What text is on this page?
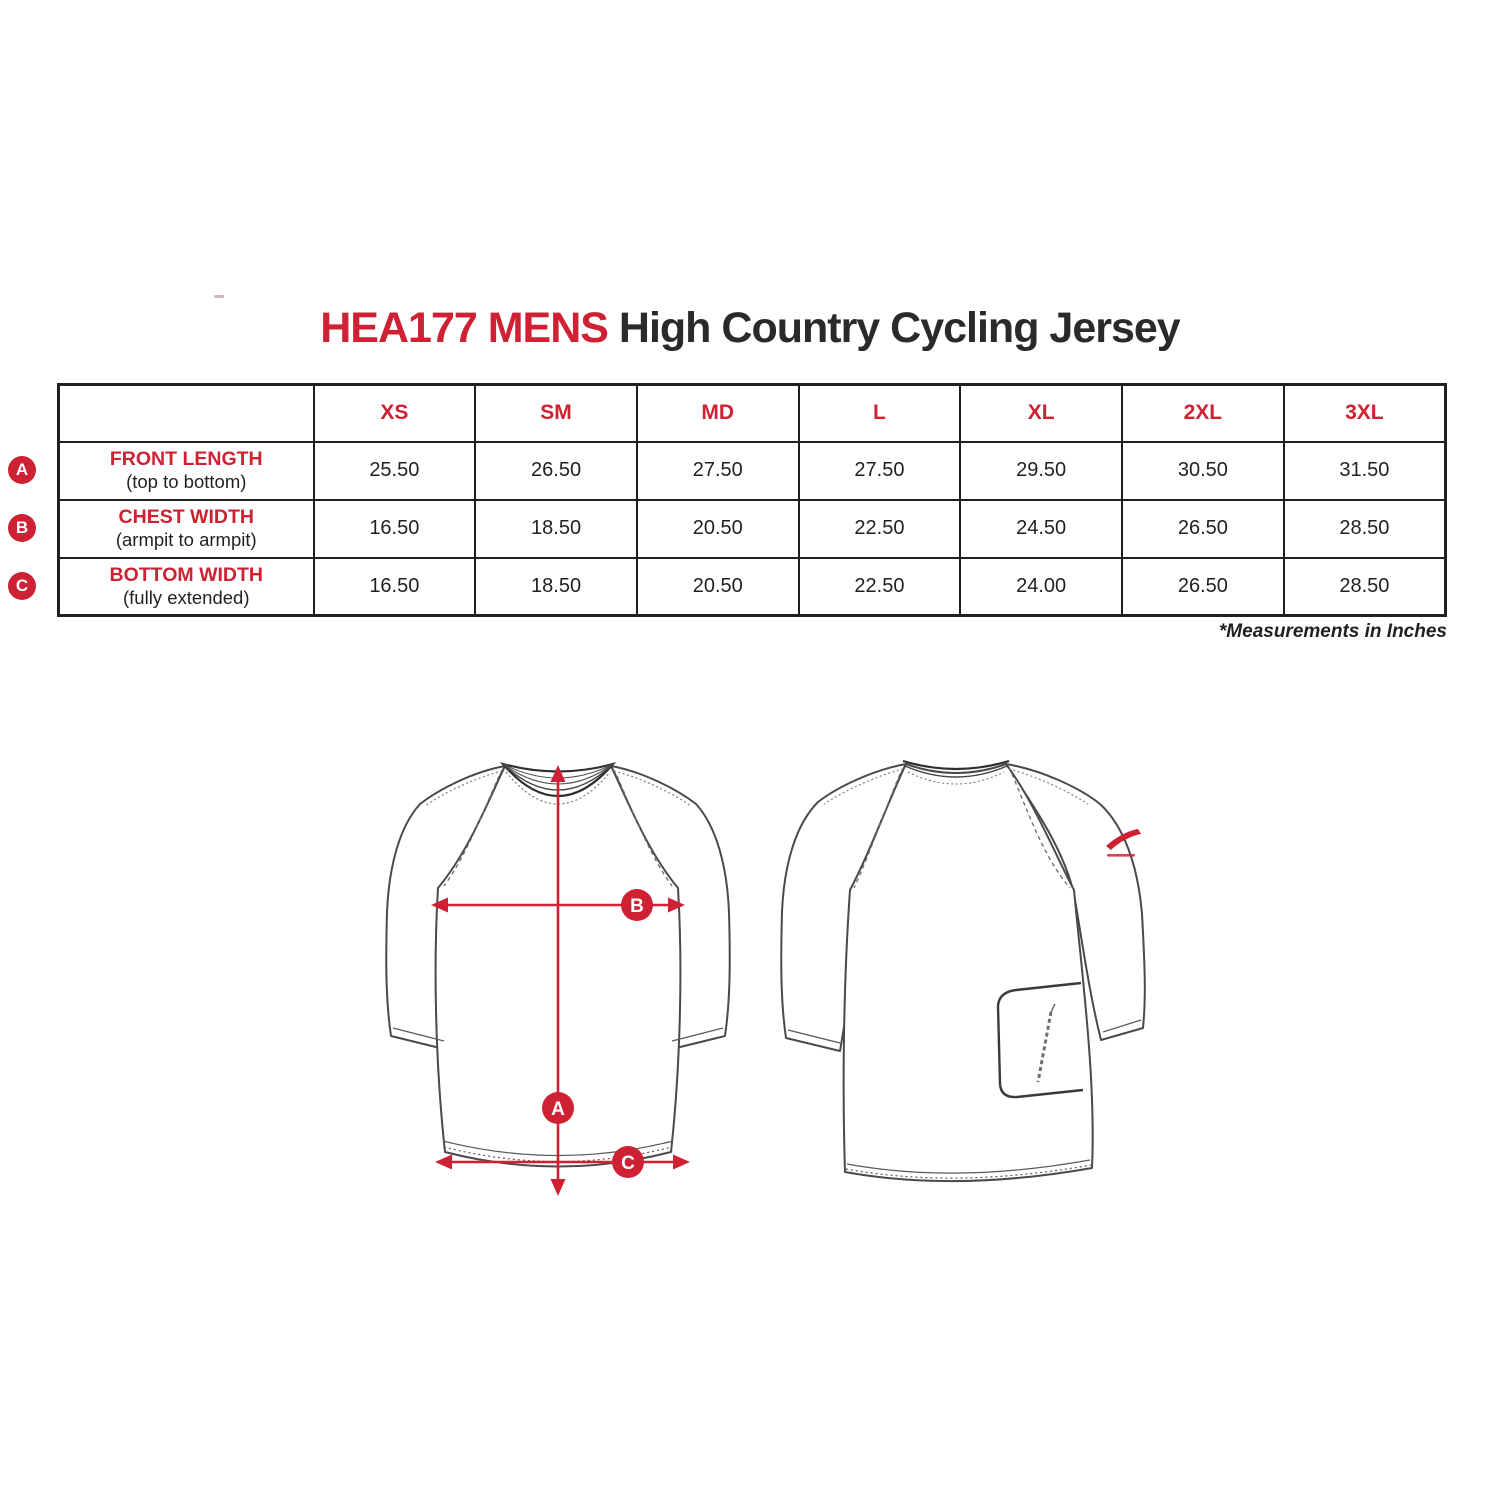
HEA177 MENS High Country Cycling Jersey
A
B
C
	XS	SM	MD	L	XL	2XL	3XL

FRONT LENGTH
(top to bottom)	25.50	26.50	27.50	27.50	29.50	30.50	31.50

CHEST WIDTH
(armpit to armpit)	16.50	18.50	20.50	22.50	24.50	26.50	28.50

BOTTOM WIDTH
(fully extended)	16.50	18.50	20.50	22.50	24.00	26.50	28.50
*Measurements in Inches
B
A
C
